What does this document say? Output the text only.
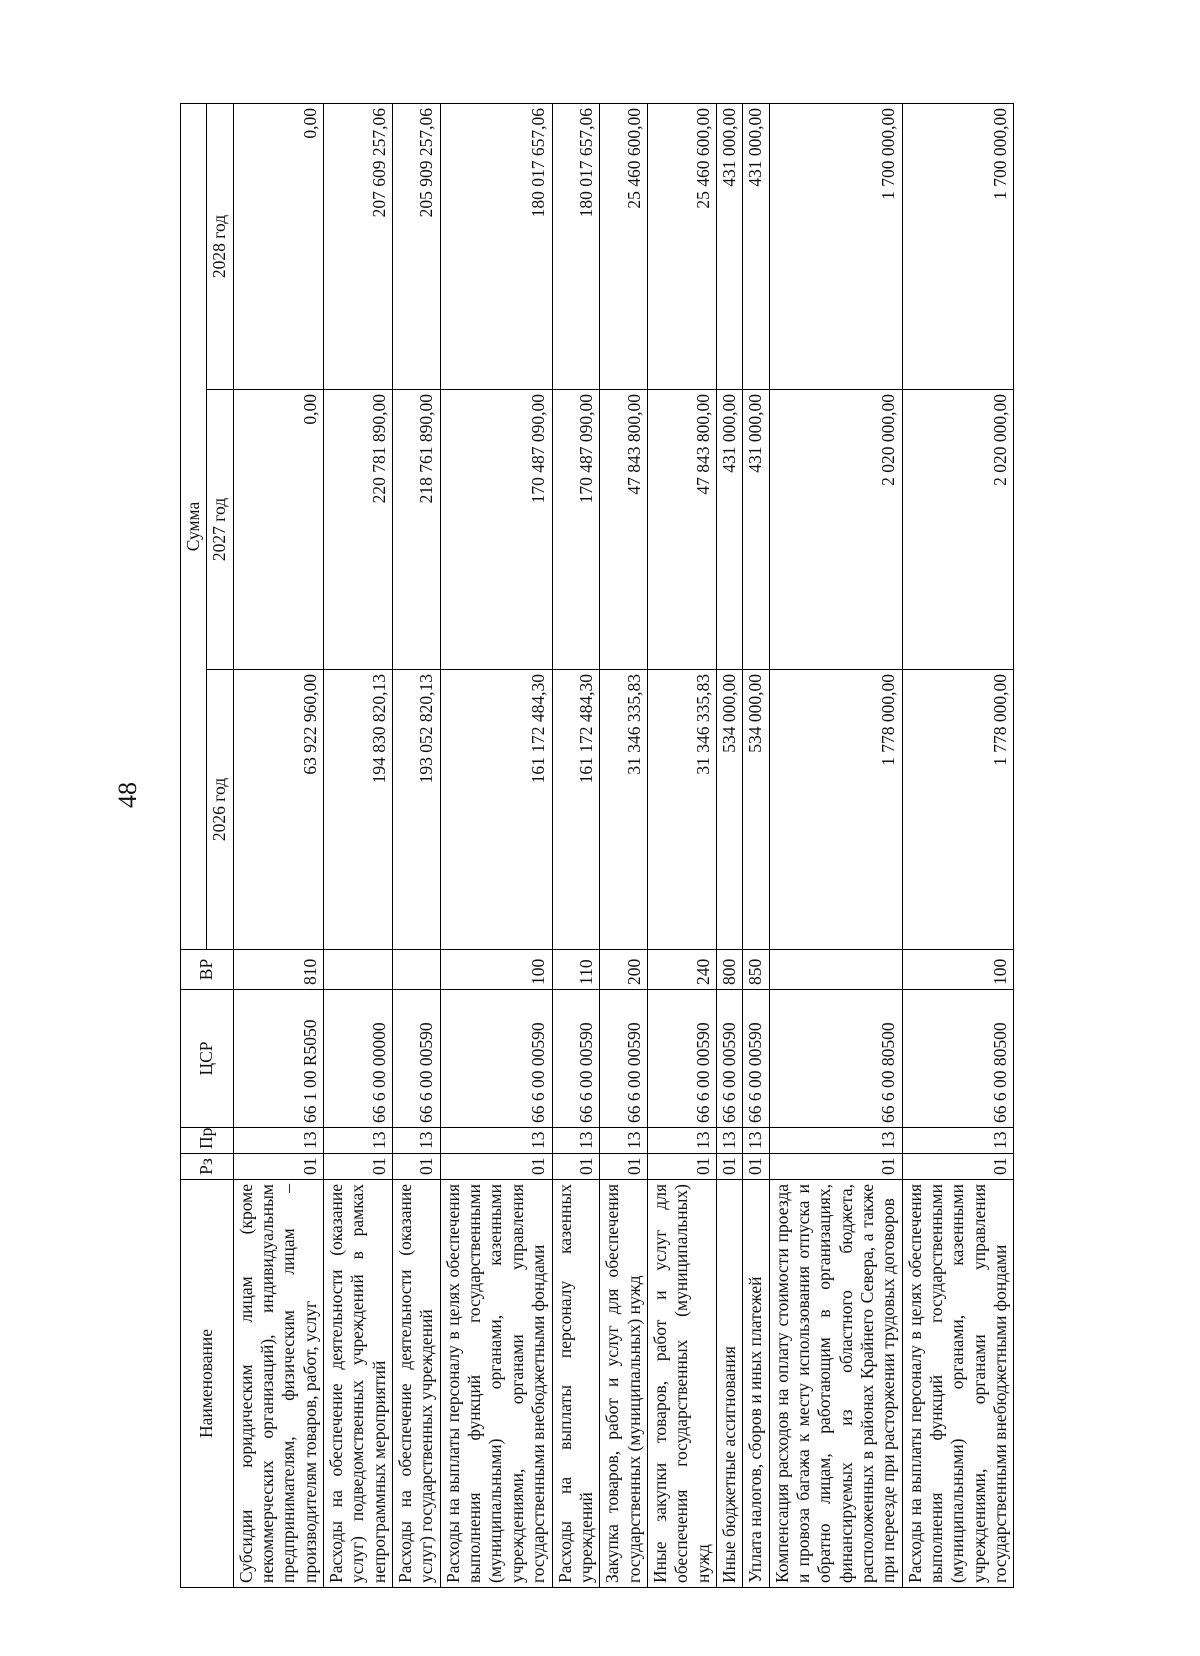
48
Наименование	Рз	Пр	ЦСР	ВР	Сумма		
					2026 год	2027 год	2028 год
Субсидии юридическим лицам (кроме некоммерческих организаций), индивидуальным предпринимателям, физическим лицам – производителям товаров, работ, услуг	01	13	66 1 00 R5050	810	63 922 960,00	0,00	0,00
Расходы на обеспечение деятельности (оказание услуг) подведомственных учреждений в рамках непрограммных мероприятий	01	13	66 6 00 00000		194 830 820,13	220 781 890,00	207 609 257,06
Расходы на обеспечение деятельности (оказание услуг) государственных учреждений	01	13	66 6 00 00590		193 052 820,13	218 761 890,00	205 909 257,06
Расходы на выплаты персоналу в целях обеспечения выполнения функций государственными (муниципальными) органами, казенными учреждениями, органами управления государственными внебюджетными фондами	01	13	66 6 00 00590	100	161 172 484,30	170 487 090,00	180 017 657,06
Расходы на выплаты персоналу казенных учреждений	01	13	66 6 00 00590	110	161 172 484,30	170 487 090,00	180 017 657,06
Закупка товаров, работ и услуг для обеспечения государственных (муниципальных) нужд	01	13	66 6 00 00590	200	31 346 335,83	47 843 800,00	25 460 600,00
Иные закупки товаров, работ и услуг для обеспечения государственных (муниципальных) нужд	01	13	66 6 00 00590	240	31 346 335,83	47 843 800,00	25 460 600,00
Иные бюджетные ассигнования	01	13	66 6 00 00590	800	534 000,00	431 000,00	431 000,00
Уплата налогов, сборов и иных платежей	01	13	66 6 00 00590	850	534 000,00	431 000,00	431 000,00
Компенсация расходов на оплату стоимости проезда и провоза багажа к месту использования отпуска и обратно лицам, работающим в организациях, финансируемых из областного бюджета, расположенных в районах Крайнего Севера, а также при переезде при расторжении трудовых договоров	01	13	66 6 00 80500		1 778 000,00	2 020 000,00	1 700 000,00
Расходы на выплаты персоналу в целях обеспечения выполнения функций государственными (муниципальными) органами, казенными учреждениями, органами управления государственными внебюджетными фондами	01	13	66 6 00 80500	100	1 778 000,00	2 020 000,00	1 700 000,00
